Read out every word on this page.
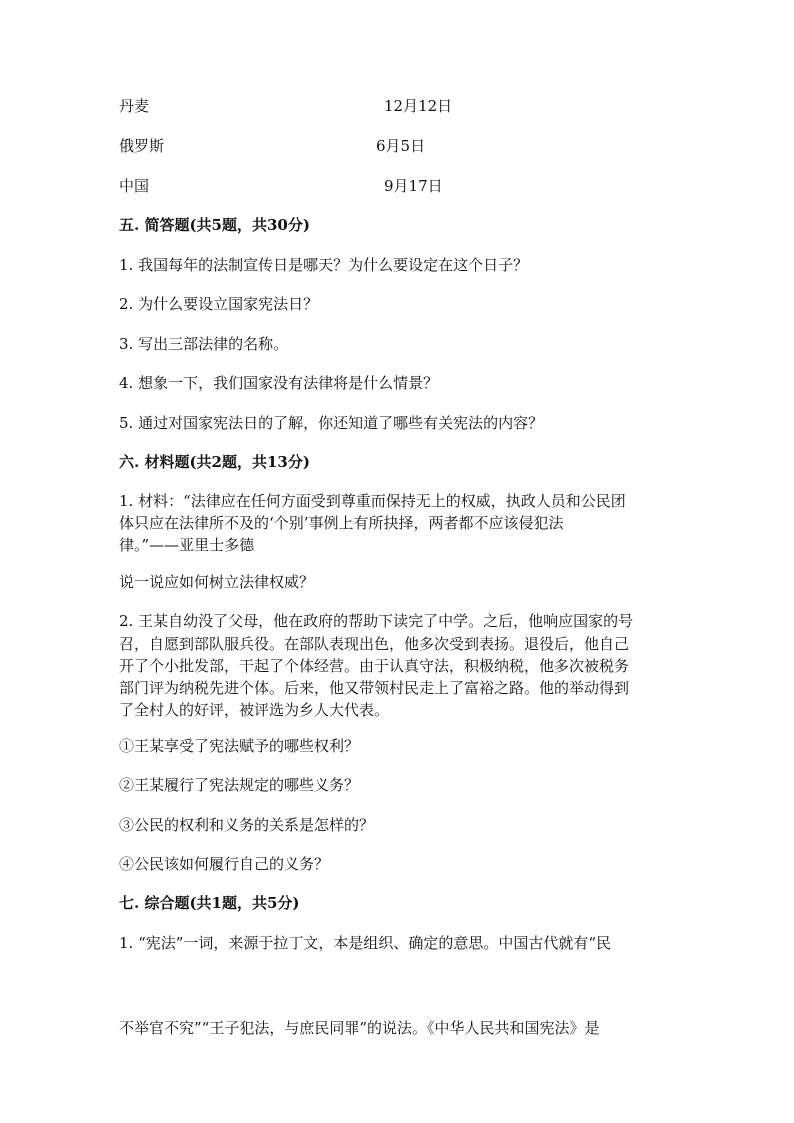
丹麦	12月12日
俄罗斯	6月5日
中国	9月17日
五. 简答题(共5题，共30分)
1. 我国每年的法制宣传日是哪天？为什么要设定在这个日子？
2. 为什么要设立国家宪法日？
3. 写出三部法律的名称。
4. 想象一下，我们国家没有法律将是什么情景？
5. 通过对国家宪法日的了解，你还知道了哪些有关宪法的内容？
六. 材料题(共2题，共13分)
1. 材料：“法律应在任何方面受到尊重而保持无上的权威，执政人员和公民团
体只应在法律所不及的‘个别’事例上有所抉择，两者都不应该侵犯法
律。”——亚里士多德
说一说应如何树立法律权威？
2. 王某自幼没了父母，他在政府的帮助下读完了中学。之后，他响应国家的号
召，自愿到部队服兵役。在部队表现出色，他多次受到表扬。退役后，他自己
开了个小批发部，干起了个体经营。由于认真守法，积极纳税，他多次被税务
部门评为纳税先进个体。后来，他又带领村民走上了富裕之路。他的举动得到
了全村人的好评，被评选为乡人大代表。
①王某享受了宪法赋予的哪些权利？
②王某履行了宪法规定的哪些义务？
③公民的权利和义务的关系是怎样的？
④公民该如何履行自己的义务？
七. 综合题(共1题，共5分)
1. “宪法”一词，来源于拉丁文，本是组织、确定的意思。中国古代就有“民
不举官不究”“王子犯法，与庶民同罪”的说法。《中华人民共和国宪法》是
